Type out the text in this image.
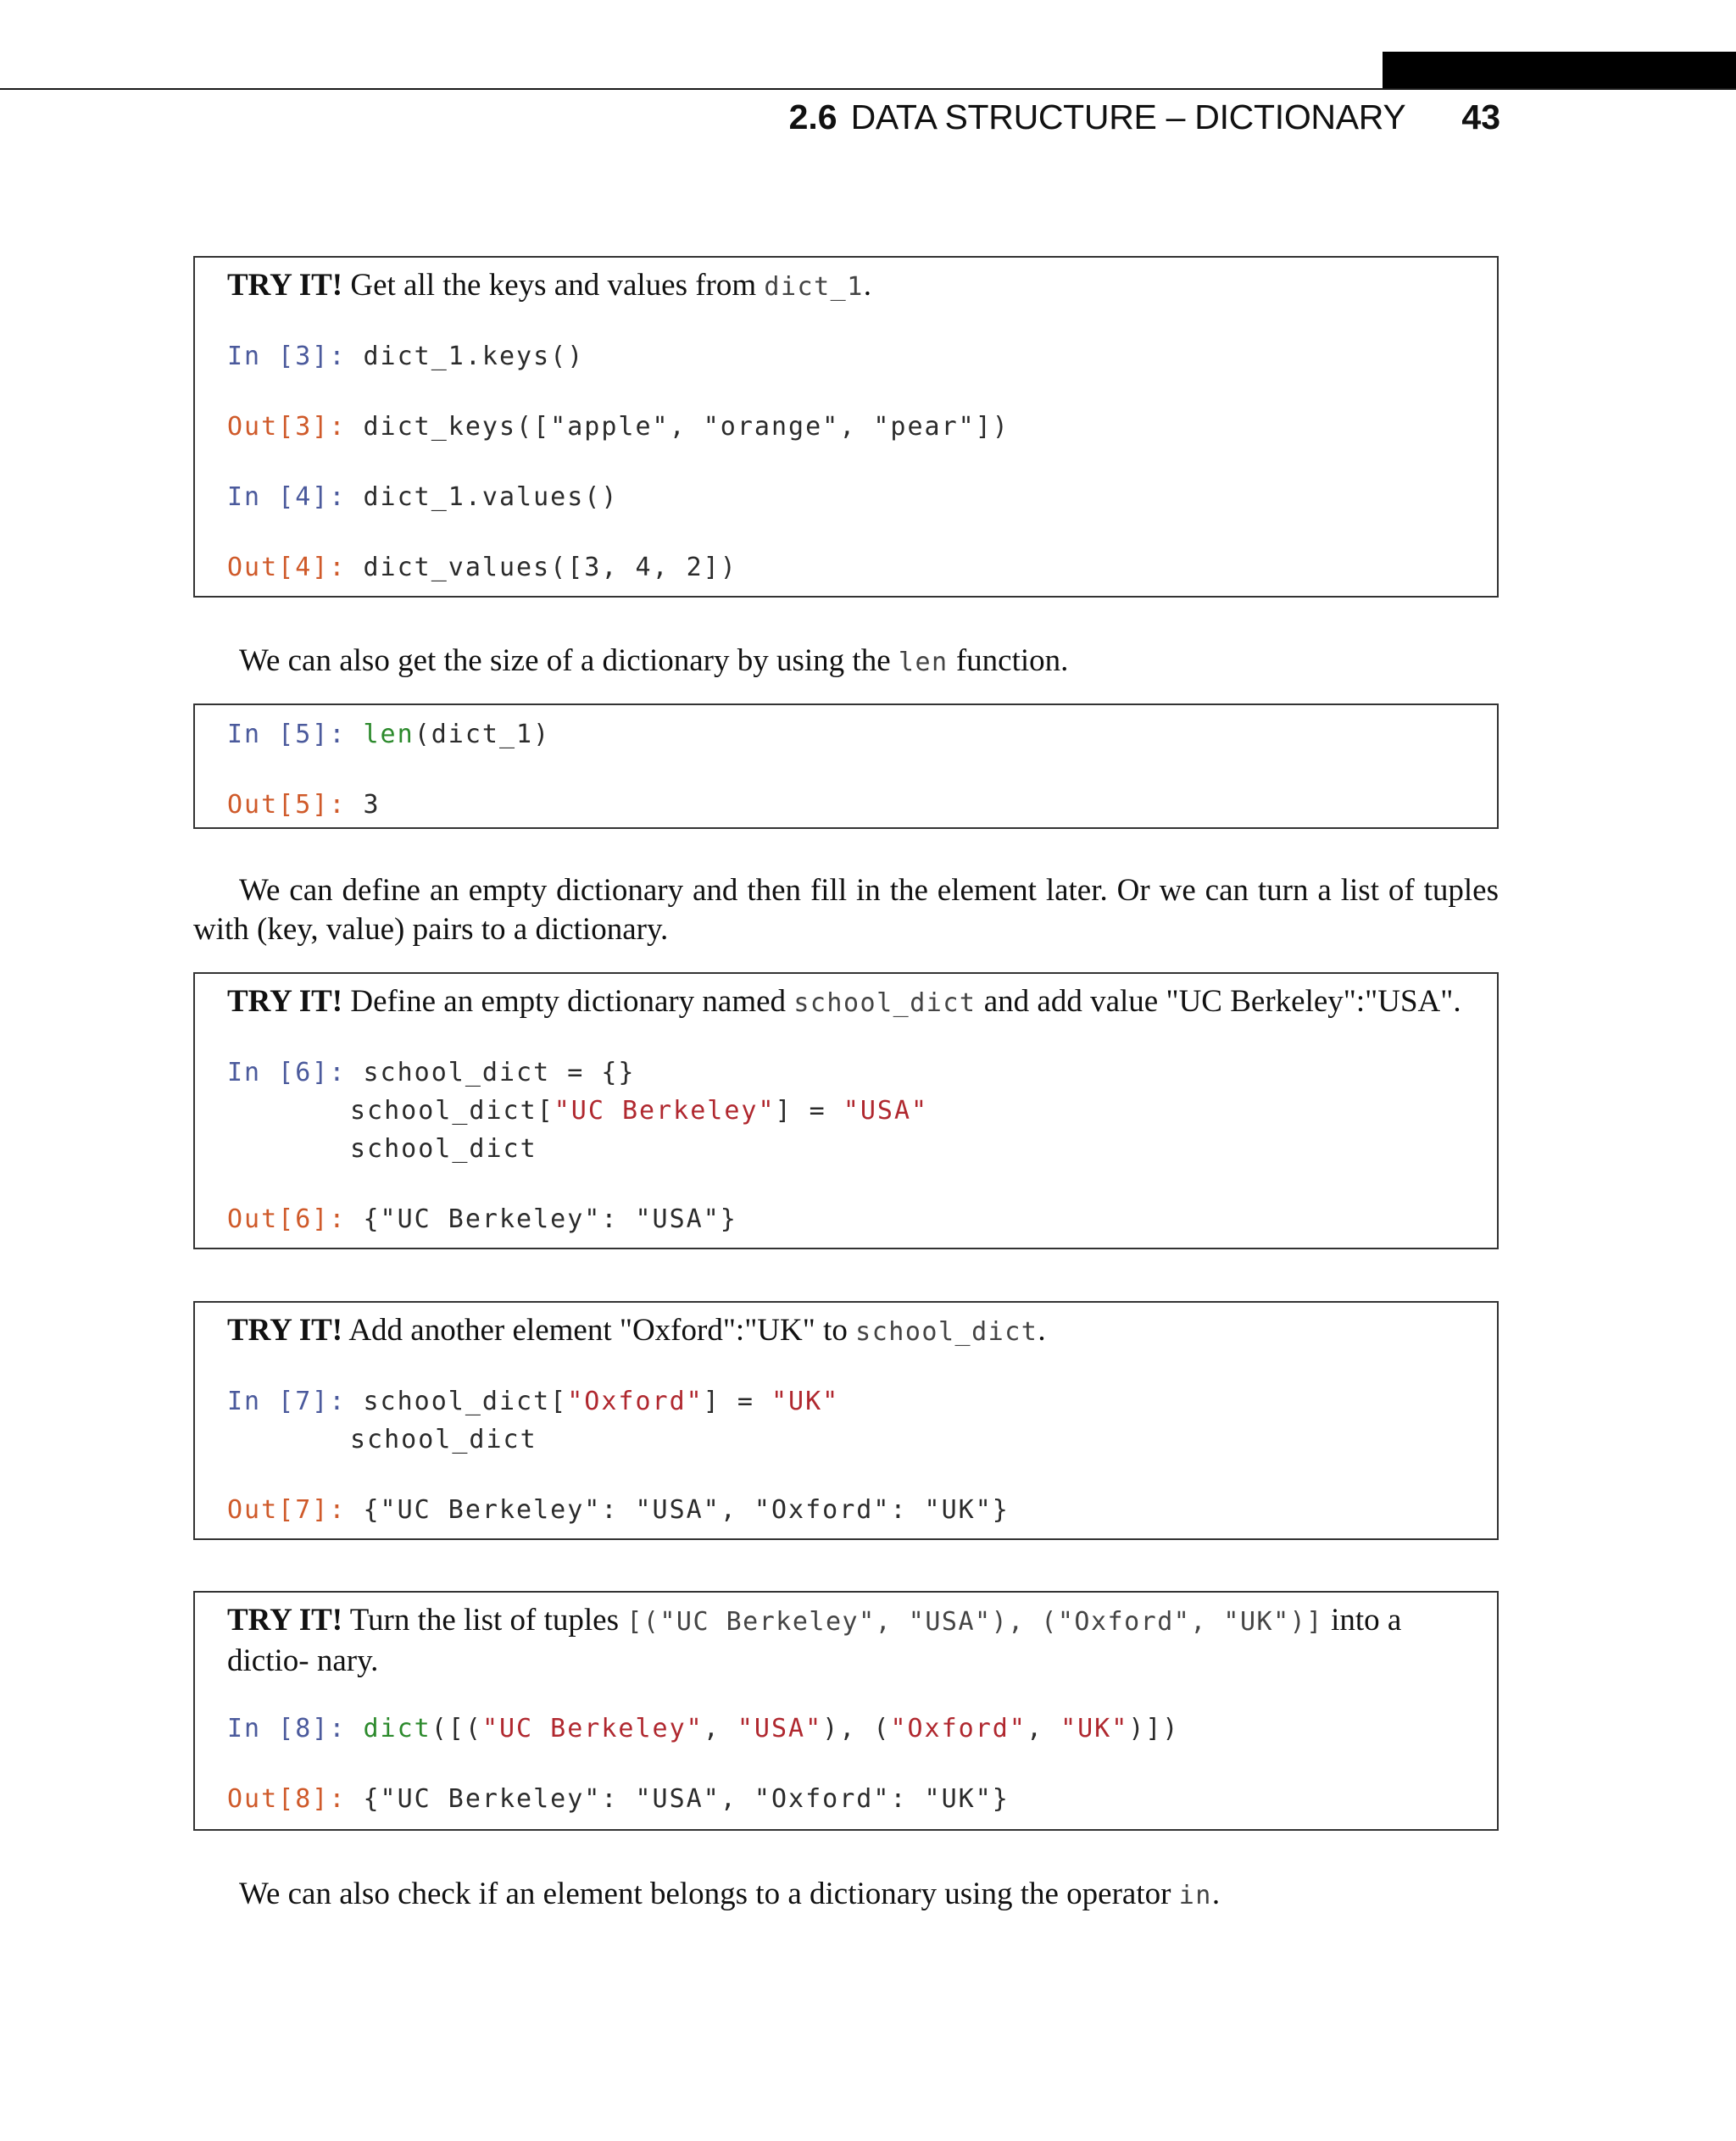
2.6 DATA STRUCTURE – DICTIONARY 43
TRY IT! Get all the keys and values from dict_1.
In [3]: dict_1.keys()
Out[3]: dict_keys(["apple", "orange", "pear"])
In [4]: dict_1.values()
Out[4]: dict_values([3, 4, 2])
We can also get the size of a dictionary by using the len function.
In [5]: len(dict_1)
Out[5]: 3
We can define an empty dictionary and then fill in the element later. Or we can turn a list of tuples with (key, value) pairs to a dictionary.
TRY IT! Define an empty dictionary named school_dict and add value "UC Berkeley":"USA".
In [6]: school_dict = {}
school_dict["UC Berkeley"] = "USA"
school_dict
Out[6]: {"UC Berkeley": "USA"}
TRY IT! Add another element "Oxford":"UK" to school_dict.
In [7]: school_dict["Oxford"] = "UK"
school_dict
Out[7]: {"UC Berkeley": "USA", "Oxford": "UK"}
TRY IT! Turn the list of tuples [("UC Berkeley", "USA"), ("Oxford", "UK")] into a dictio- nary.
In [8]: dict([("UC Berkeley", "USA"), ("Oxford", "UK")])
Out[8]: {"UC Berkeley": "USA", "Oxford": "UK"}
We can also check if an element belongs to a dictionary using the operator in.
